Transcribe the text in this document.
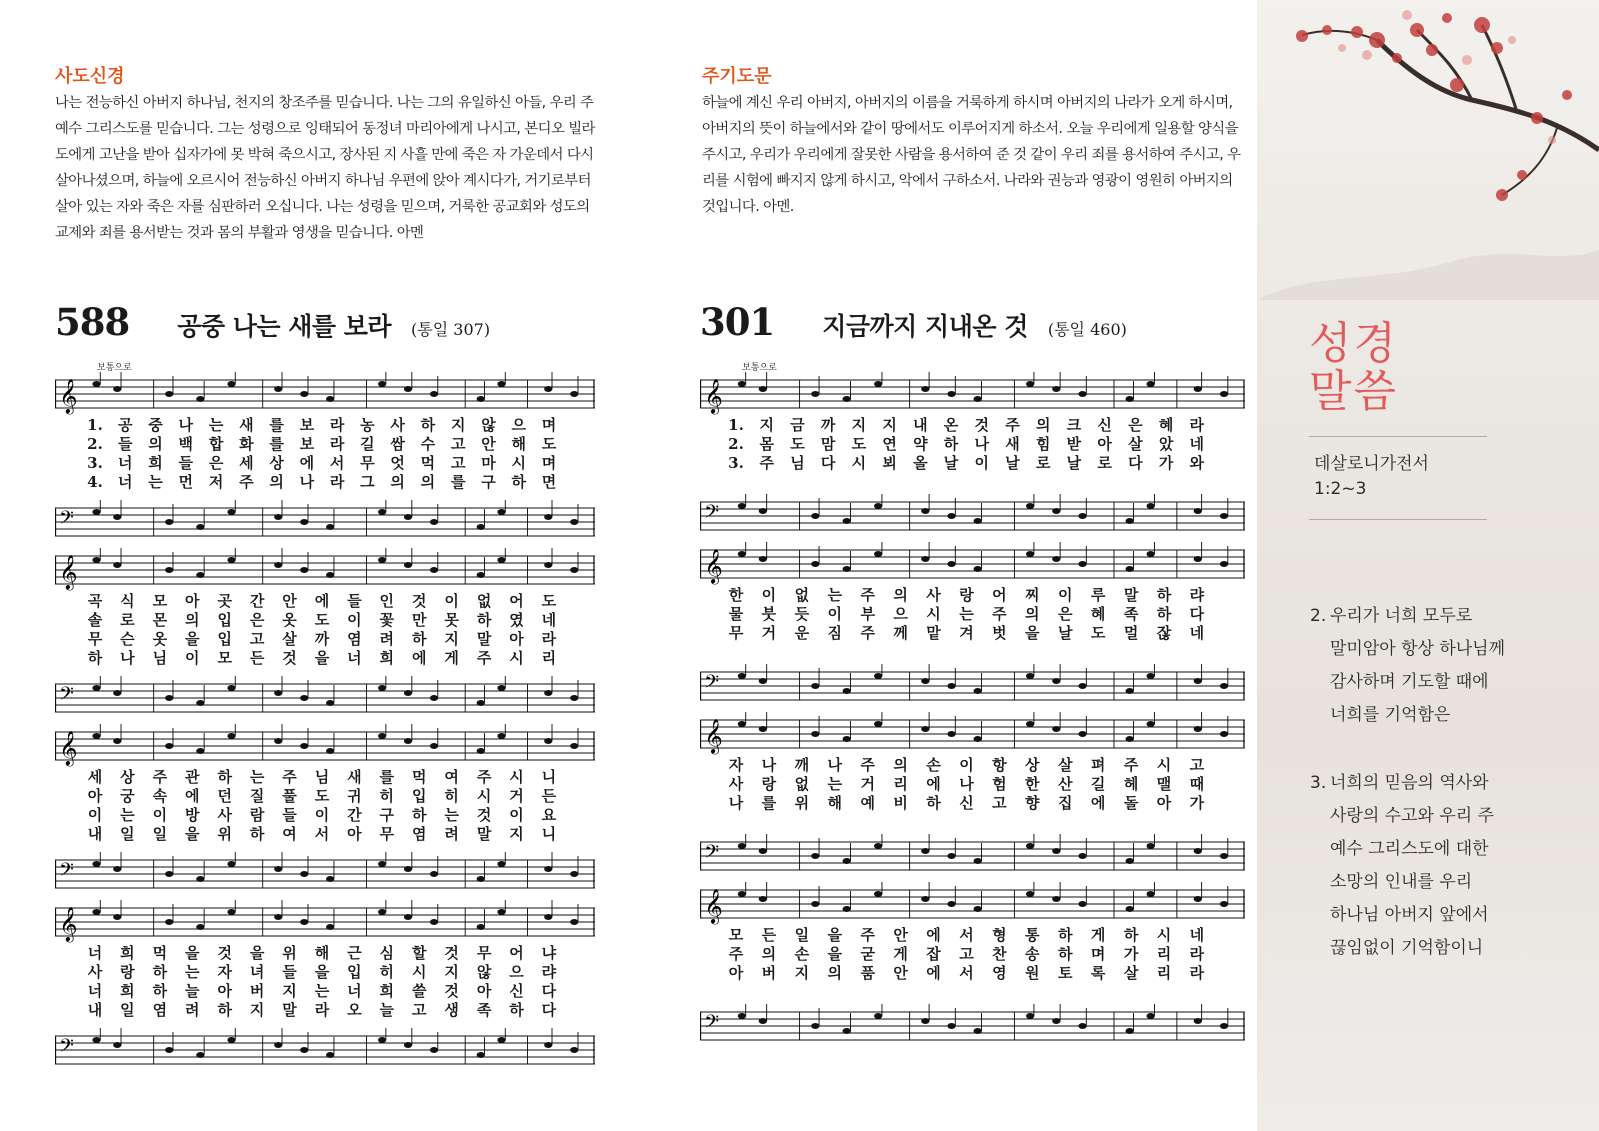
사도신경

나는 전능하신 아버지 하나님, 천지의 창조주를 믿습니다. 나는 그의 유일하신 아들, 우리 주 예수 그리스도를 믿습니다. 그는 성령으로 잉태되어 동정녀 마리아에게 나시고, 본디오 빌라도에게 고난을 받아 십자가에 못 박혀 죽으시고, 장사된 지 사흘 만에 죽은 자 가운데서 다시 살아나셨으며, 하늘에 오르시어 전능하신 아버지 하나님 우편에 앉아 계시다가, 거기로부터 살아 있는 자와 죽은 자를 심판하러 오십니다. 나는 성령을 믿으며, 거룩한 공교회와 성도의 교제와 죄를 용서받는 것과 몸의 부활과 영생을 믿습니다. 아멘

주기도문

하늘에 계신 우리 아버지, 아버지의 이름을 거룩하게 하시며 아버지의 나라가 오게 하시며, 아버지의 뜻이 하늘에서와 같이 땅에서도 이루어지게 하소서. 오늘 우리에게 일용할 양식을 주시고, 우리가 우리에게 잘못한 사람을 용서하여 준 것 같이 우리 죄를 용서하여 주시고, 우리를 시험에 빠지지 않게 하시고, 악에서 구하소서. 나라와 권능과 영광이 영원히 아버지의 것입니다. 아멘.

588 공중 나는 새를 보라 (통일 307)
보통으로
𝄞
1. 공 중 나 는 새 를 보 라 농 사 하 지 않 으 며
2. 들 의 백 합 화 를 보 라 길 쌈 수 고 안 해 도
3. 너 희 들 은 세 상 에 서 무 엇 먹 고 마 시 며
4. 너 는 먼 저 주 의 나 라 그 의 의 를 구 하 면
𝄢
𝄞
곡 식 모 아 곳 간 안 에 들 인 것 이 없 어 도
솔 로 몬 의 입 은 옷 도 이 꽃 만 못 하 였 네
무 슨 옷 을 입 고 살 까 염 려 하 지 말 아 라
하 나 님 이 모 든 것 을 너 희 에 게 주 시 리
𝄢
𝄞
세 상 주 관 하 는 주 님 새 를 먹 여 주 시 니
아 궁 속 에 던 질 풀 도 귀 히 입 히 시 거 든
이 는 이 방 사 람 들 이 간 구 하 는 것 이 요
내 일 일 을 위 하 여 서 아 무 염 려 말 지 니
𝄢
𝄞
너 희 먹 을 것 을 위 해 근 심 할 것 무 어 냐
사 랑 하 는 자 녀 들 을 입 히 시 지 않 으 랴
너 희 하 늘 아 버 지 는 너 희 쓸 것 아 신 다
내 일 염 려 하 지 말 라 오 늘 고 생 족 하 다
𝄢
301 지금까지 지내온 것 (통일 460)
보통으로
𝄞
1. 지 금 까 지 지 내 온 것 주 의 크 신 은 혜 라
2. 몸 도 맘 도 연 약 하 나 새 힘 받 아 살 았 네
3. 주 님 다 시 뵈 올 날 이 날 로 날 로 다 가 와
𝄢
𝄞
한 이 없 는 주 의 사 랑 어 찌 이 루 말 하 랴
물 붓 듯 이 부 으 시 는 주 의 은 혜 족 하 다
무 거 운 짐 주 께 맡 겨 벗 을 날 도 멀 잖 네
𝄢
𝄞
자 나 깨 나 주 의 손 이 항 상 살 펴 주 시 고
사 랑 없 는 거 리 에 나 험 한 산 길 헤 맬 때
나 를 위 해 예 비 하 신 고 향 집 에 돌 아 가
𝄢
𝄞
모 든 일 을 주 안 에 서 형 통 하 게 하 시 네
주 의 손 을 굳 게 잡 고 찬 송 하 며 가 리 라
아 버 지 의 품 안 에 서 영 원 토 록 살 리 라
𝄢
성경
말씀
데살로니가전서
1:2~3
2. 우리가 너희 모두로
말미암아 항상 하나님께
감사하며 기도할 때에
너희를 기억함은
3. 너희의 믿음의 역사와
사랑의 수고와 우리 주
예수 그리스도에 대한
소망의 인내를 우리
하나님 아버지 앞에서
끊임없이 기억함이니
